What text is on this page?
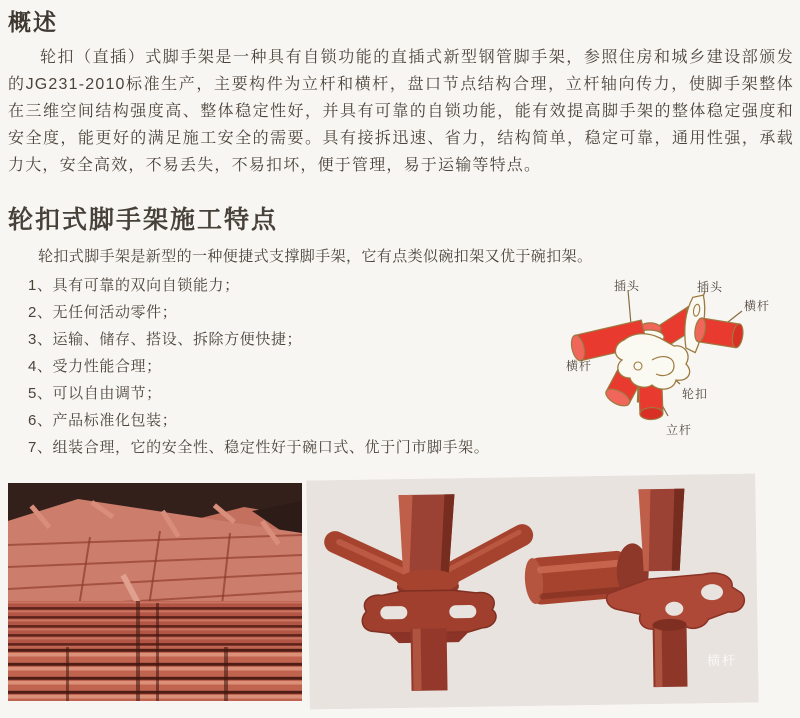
概述

轮扣（直插）式脚手架是一种具有自锁功能的直插式新型钢管脚手架，参照住房和城乡建设部颁发的JG231-2010标准生产，主要构件为立杆和横杆，盘口节点结构合理，立杆轴向传力，使脚手架整体在三维空间结构强度高、整体稳定性好，并具有可靠的自锁功能，能有效提高脚手架的整体稳定强度和安全度，能更好的满足施工安全的需要。具有接拆迅速、省力，结构简单，稳定可靠，通用性强，承载力大，安全高效，不易丢失，不易扣坏，便于管理，易于运输等特点。

轮扣式脚手架施工特点

轮扣式脚手架是新型的一种便捷式支撑脚手架，它有点类似碗扣架又优于碗扣架。

1、具有可靠的双向自锁能力；
2、无任何活动零件；
3、运输、储存、搭设、拆除方便快捷；
4、受力性能合理；
5、可以自由调节；
6、产品标准化包装；
7、组装合理，它的安全性、稳定性好于碗口式、优于门市脚手架。
插头	插头
横杆
横杆
轮扣
立杆
横杆
